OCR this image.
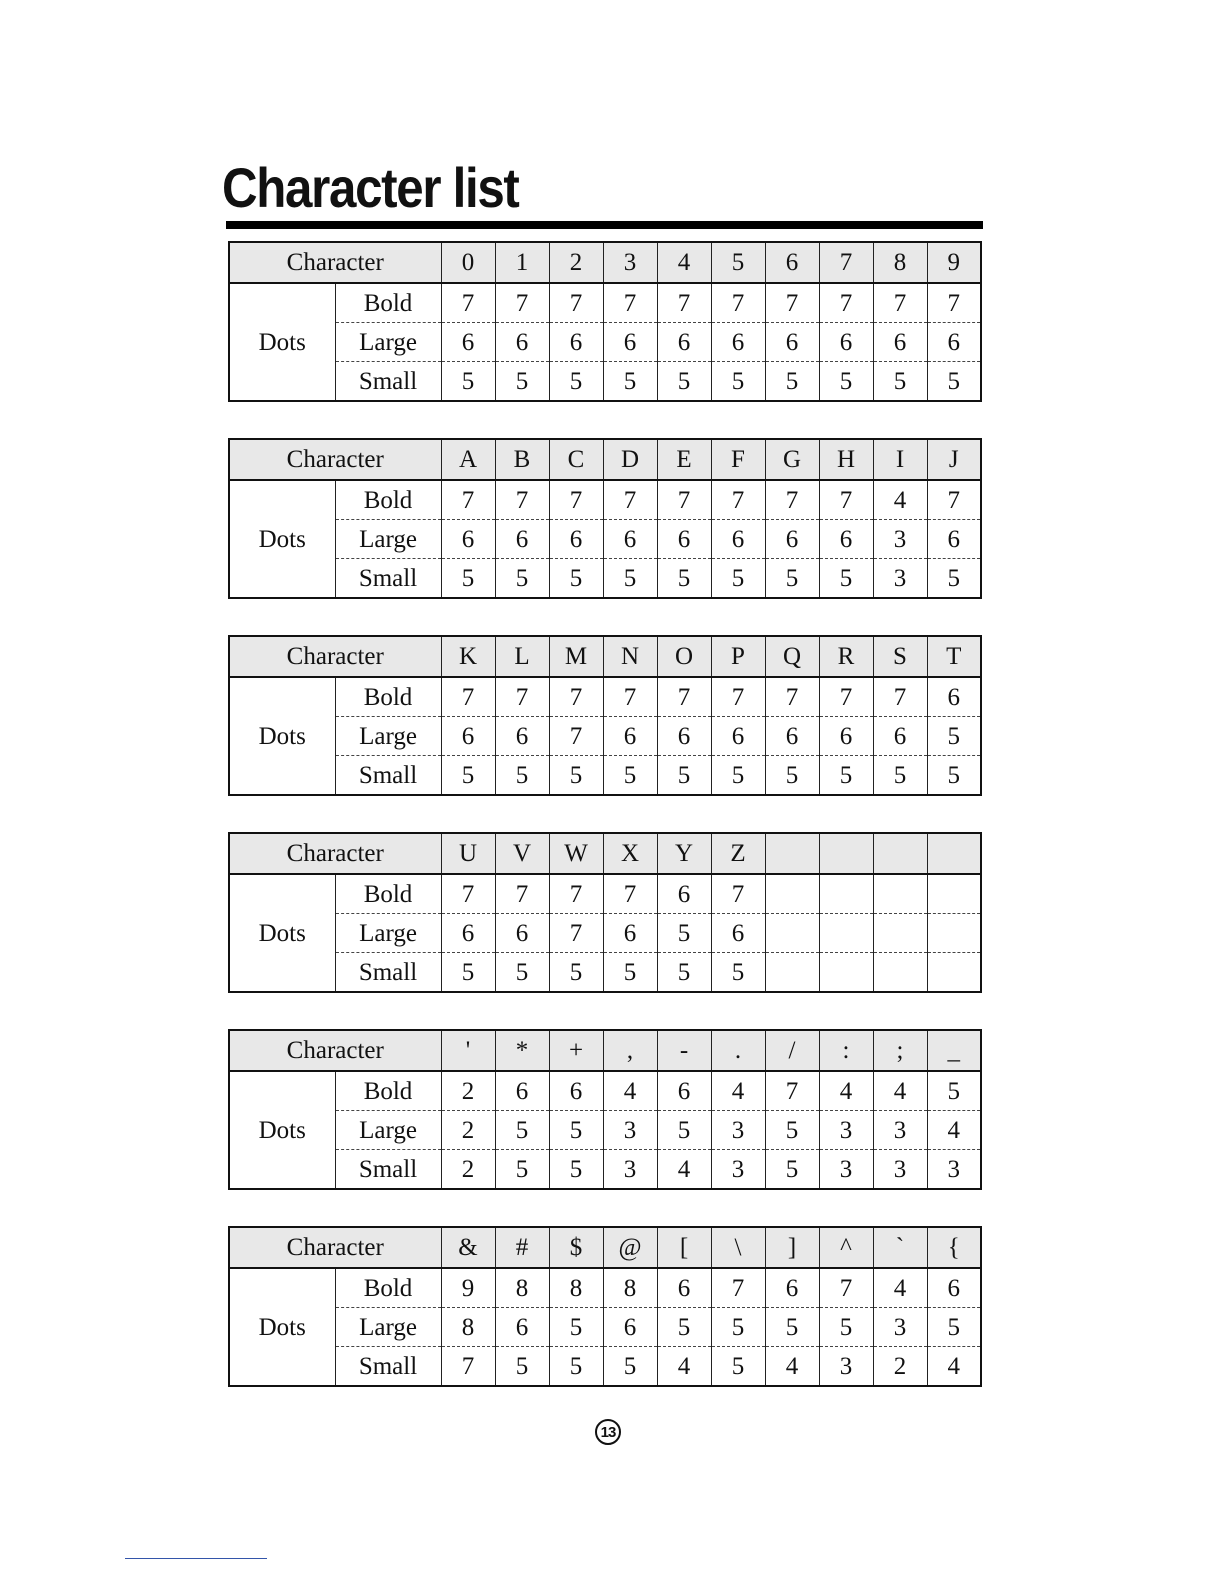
Character list
Character		0	1	2	3	4	5	6	7	8	9
Dots	Bold	7	7	7	7	7	7	7	7	7	7
	Large	6	6	6	6	6	6	6	6	6	6
	Small	5	5	5	5	5	5	5	5	5	5
Character		A	B	C	D	E	F	G	H	I	J
Dots	Bold	7	7	7	7	7	7	7	7	4	7
	Large	6	6	6	6	6	6	6	6	3	6
	Small	5	5	5	5	5	5	5	5	3	5
Character		K	L	M	N	O	P	Q	R	S	T
Dots	Bold	7	7	7	7	7	7	7	7	7	6
	Large	6	6	7	6	6	6	6	6	6	5
	Small	5	5	5	5	5	5	5	5	5	5
Character		U	V	W	X	Y	Z				
Dots	Bold	7	7	7	7	6	7				
	Large	6	6	7	6	5	6				
	Small	5	5	5	5	5	5				
Character		'	*	+	,	-	.	/	:	;	_
Dots	Bold	2	6	6	4	6	4	7	4	4	5
	Large	2	5	5	3	5	3	5	3	3	4
	Small	2	5	5	3	4	3	5	3	3	3
Character		&	#	$	@	[	\	]	^	`	{
Dots	Bold	9	8	8	8	6	7	6	7	4	6
	Large	8	6	5	6	5	5	5	5	3	5
	Small	7	5	5	5	4	5	4	3	2	4
13
